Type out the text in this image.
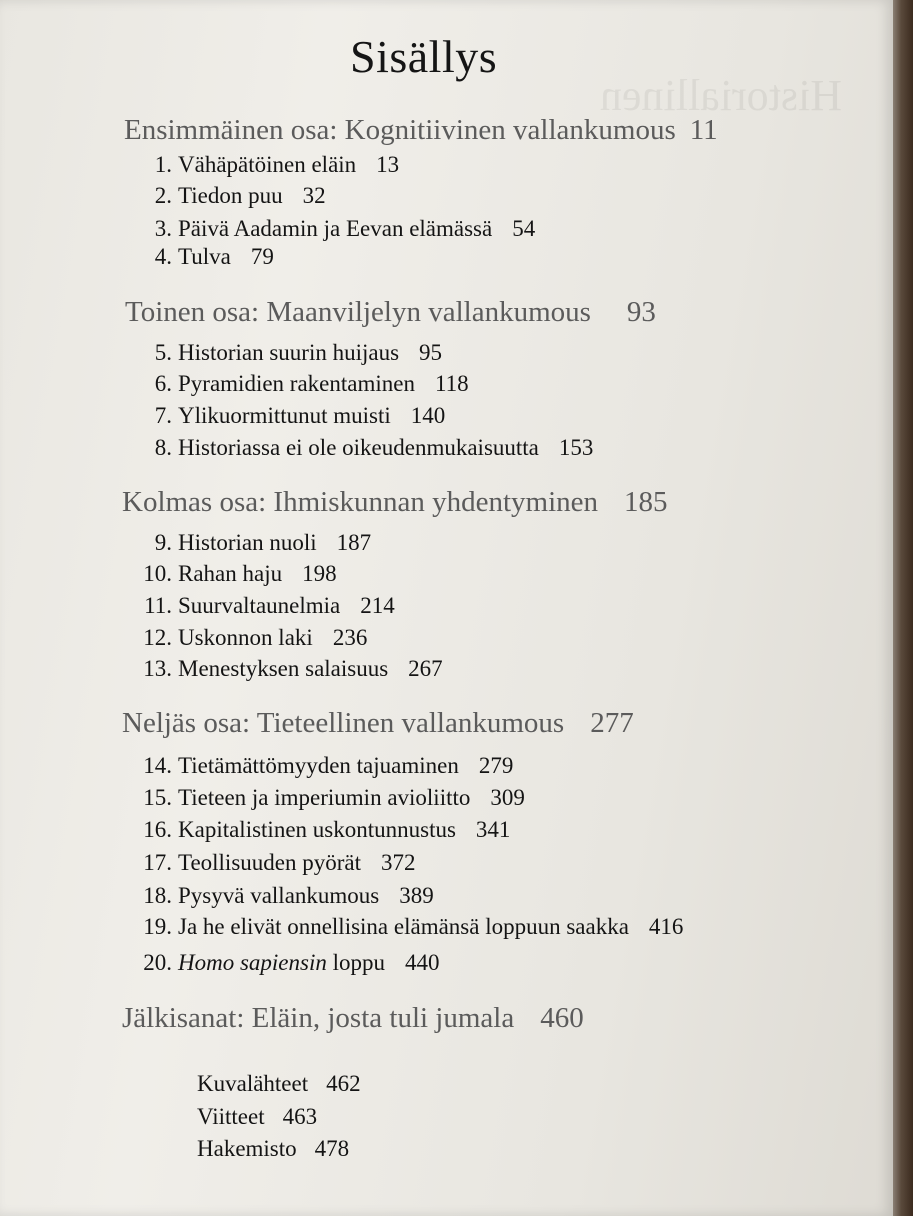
Historiallinen
Sisällys
Ensimmäinen osa: Kognitiivinen vallankumous 11
1. Vähäpätöinen eläin 13
2. Tiedon puu 32
3. Päivä Aadamin ja Eevan elämässä 54
4. Tulva 79
Toinen osa: Maanviljelyn vallankumous 93
5. Historian suurin huijaus 95
6. Pyramidien rakentaminen 118
7. Ylikuormittunut muisti 140
8. Historiassa ei ole oikeudenmukaisuutta 153
Kolmas osa: Ihmiskunnan yhdentyminen 185
9. Historian nuoli 187
10. Rahan haju 198
11. Suurvaltaunelmia 214
12. Uskonnon laki 236
13. Menestyksen salaisuus 267
Neljäs osa: Tieteellinen vallankumous 277
14. Tietämättömyyden tajuaminen 279
15. Tieteen ja imperiumin avioliitto 309
16. Kapitalistinen uskontunnustus 341
17. Teollisuuden pyörät 372
18. Pysyvä vallankumous 389
19. Ja he elivät onnellisina elämänsä loppuun saakka 416
20. Homo sapiensin loppu 440
Jälkisanat: Eläin, josta tuli jumala 460
Kuvalähteet 462
Viitteet 463
Hakemisto 478
